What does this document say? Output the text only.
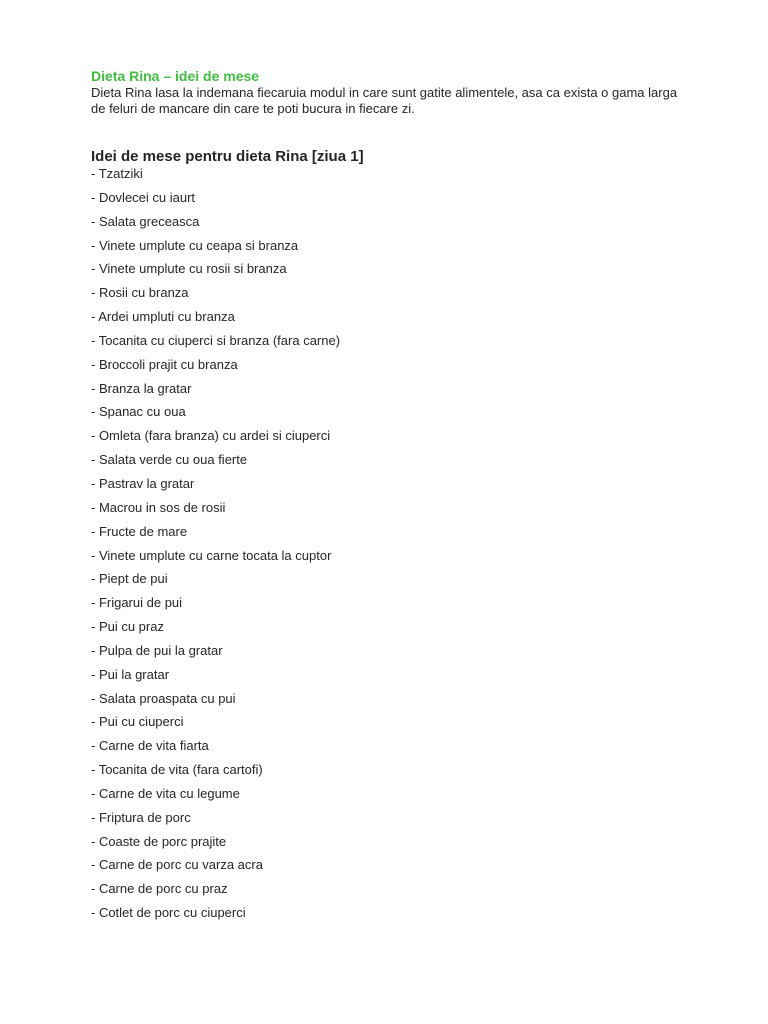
Dieta Rina – idei de mese

Dieta Rina lasa la indemana fiecaruia modul in care sunt gatite alimentele, asa ca exista o gama larga de feluri de mancare din care te poti bucura in fiecare zi.

Idei de mese pentru dieta Rina [ziua 1]
- Tzatziki
- Dovlecei cu iaurt
- Salata greceasca
- Vinete umplute cu ceapa si branza
- Vinete umplute cu rosii si branza
- Rosii cu branza
- Ardei umpluti cu branza
- Tocanita cu ciuperci si branza (fara carne)
- Broccoli prajit cu branza
- Branza la gratar
- Spanac cu oua
- Omleta (fara branza) cu ardei si ciuperci
- Salata verde cu oua fierte
- Pastrav la gratar
- Macrou in sos de rosii
- Fructe de mare
- Vinete umplute cu carne tocata la cuptor
- Piept de pui
- Frigarui de pui
- Pui cu praz
- Pulpa de pui la gratar
- Pui la gratar
- Salata proaspata cu pui
- Pui cu ciuperci
- Carne de vita fiarta
- Tocanita de vita (fara cartofi)
- Carne de vita cu legume
- Friptura de porc
- Coaste de porc prajite
- Carne de porc cu varza acra
- Carne de porc cu praz
- Cotlet de porc cu ciuperci
